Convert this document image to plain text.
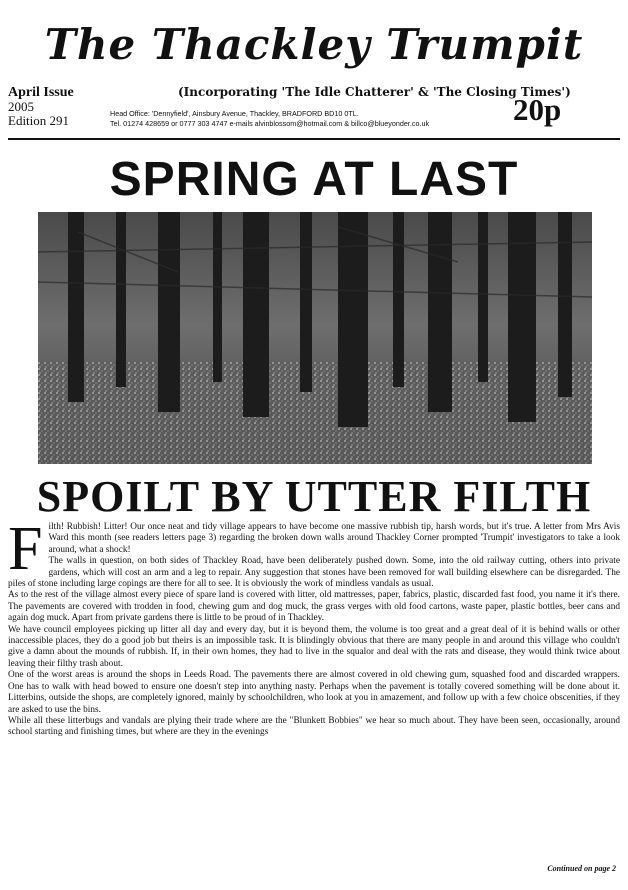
The Thackley Trumpit
April Issue
2005
Edition 291
(Incorporating 'The Idle Chatterer' & 'The Closing Times')
Head Office: 'Dennyfield', Ainsbury Avenue, Thackley, BRADFORD BD10 0TL.
Tel. 01274 428659 or 0777 303 4747 e-mails alvinblossom@hotmail.com & billco@blueyonder.co.uk	20p
SPRING AT LAST
SPOILT BY UTTER FILTH
F ilth! Rubbish! Litter! Our once neat and tidy village appears to have become one massive rubbish tip, harsh words, but it's true. A letter from Mrs Avis Ward this month (see readers letters page 3) regarding the broken down walls around Thackley Corner prompted 'Trumpit' investigators to take a look around, what a shock!

The walls in question, on both sides of Thackley Road, have been deliberately pushed down. Some, into the old railway cutting, others into private gardens, which will cost an arm and a leg to repair. Any suggestion that stones have been removed for wall building elsewhere can be disregarded. The piles of stone including large copings are there for all to see. It is obviously the work of mindless vandals as usual.

As to the rest of the village almost every piece of spare land is covered with litter, old mattresses, paper, fabrics, plastic, discarded fast food, you name it it's there. The pavements are covered with trodden in food, chewing gum and dog muck, the grass verges with old food cartons, waste paper, plastic bottles, beer cans and again dog muck. Apart from private gardens there is little to be proud of in Thackley.

We have council employees picking up litter all day and every day, but it is beyond them, the volume is too great and a great deal of it is behind walls or other inaccessible places, they do a good job but theirs is an impossible task. It is blindingly obvious that there are many people in and around this village who couldn't give a damn about the mounds of rubbish. If, in their own homes, they had to live in the squalor and deal with the rats and disease, they would think twice about leaving their filthy trash about.

One of the worst areas is around the shops in Leeds Road. The pavements there are almost covered in old chewing gum, squashed food and discarded wrappers. One has to walk with head bowed to ensure one doesn't step into anything nasty. Perhaps when the pavement is totally covered something will be done about it. Litterbins, outside the shops, are completely ignored, mainly by schoolchildren, who look at you in amazement, and follow up with a few choice obscenities, if they are asked to use the bins.

While all these litterbugs and vandals are plying their trade where are the "Blunkett Bobbies" we hear so much about. They have been seen, occasionally, around school starting and finishing times, but where are they in the evenings

Continued on page 2
